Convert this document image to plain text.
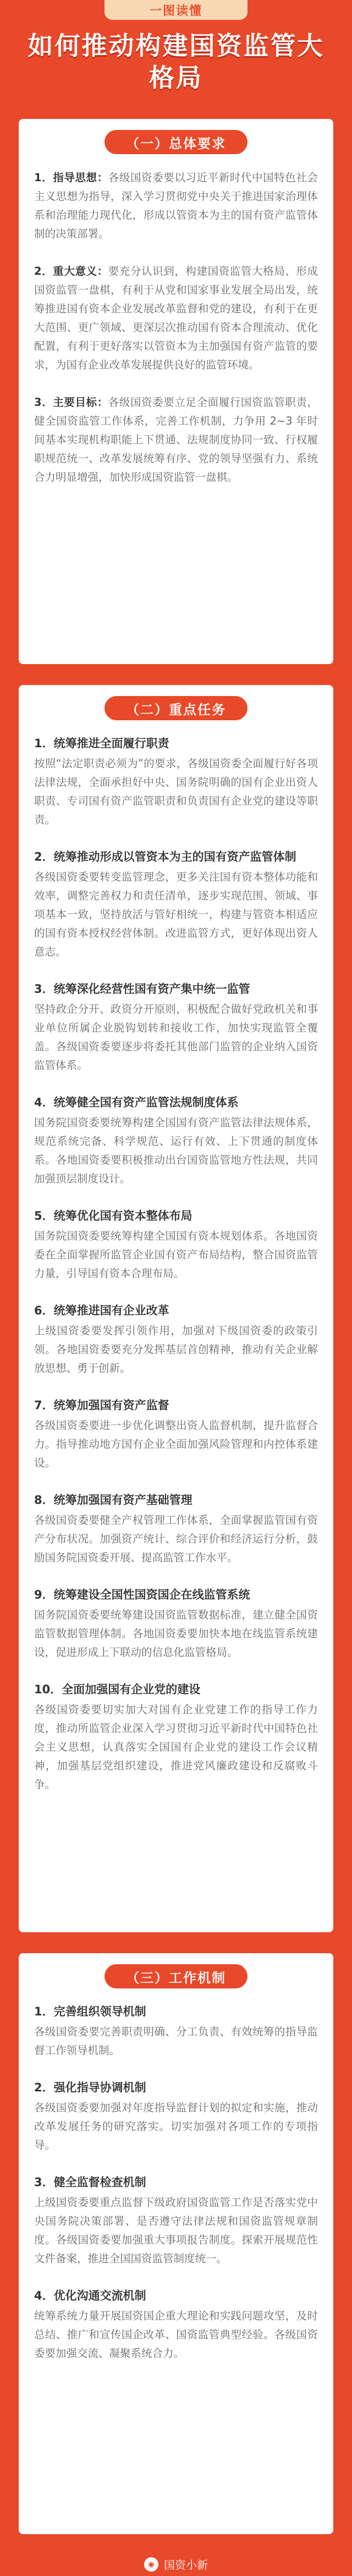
一图读懂
如何推动构建国资监管大格局
（一）总体要求

1．指导思想：各级国资委要以习近平新时代中国特色社会主义思想为指导，深入学习贯彻党中央关于推进国家治理体系和治理能力现代化，形成以管资本为主的国有资产监管体制的决策部署。

2．重大意义：要充分认识到，构建国资监管大格局、形成国资监管一盘棋，有利于从党和国家事业发展全局出发，统筹推进国有资本企业发展改革监督和党的建设，有利于在更大范围、更广领域、更深层次推动国有资本合理流动、优化配置，有利于更好落实以管资本为主加强国有资产监管的要求，为国有企业改革发展提供良好的监管环境。

3．主要目标：各级国资委要立足全面履行国资监管职责，健全国资监管工作体系，完善工作机制，力争用 2~3 年时间基本实现机构职能上下贯通、法规制度协同一致、行权履职规范统一、改革发展统筹有序、党的领导坚强有力、系统合力明显增强，加快形成国资监管一盘棋。

（二）重点任务
1．统筹推进全面履行职责

按照“法定职责必须为”的要求，各级国资委全面履行好各项法律法规，全面承担好中央、国务院明确的国有企业出资人职责、专司国有资产监管职责和负责国有企业党的建设等职责。

2．统筹推动形成以管资本为主的国有资产监管体制

各级国资委要转变监管理念，更多关注国有资本整体功能和效率，调整完善权力和责任清单，逐步实现范围、领域、事项基本一致，坚持放活与管好相统一，构建与管资本相适应的国有资本授权经营体制。改进监管方式，更好体现出资人意志。

3．统筹深化经营性国有资产集中统一监管

坚持政企分开、政资分开原则，积极配合做好党政机关和事业单位所属企业脱钩划转和接收工作，加快实现监管全覆盖。各级国资委要逐步将委托其他部门监管的企业纳入国资监管体系。

4．统筹健全国有资产监管法规制度体系

国务院国资委要统筹构建全国国有资产监管法律法规体系，规范系统完备、科学规范、运行有效、上下贯通的制度体系。各地国资委要积极推动出台国资监管地方性法规，共同加强顶层制度设计。

5．统筹优化国有资本整体布局

国务院国资委要统筹构建全国国有资本规划体系。各地国资委在全面掌握所监管企业国有资产布局结构，整合国资监管力量，引导国有资本合理布局。

6．统筹推进国有企业改革

上级国资委要发挥引领作用，加强对下级国资委的政策引领。各地国资委要充分发挥基层首创精神，推动有关企业解放思想、勇于创新。

7．统筹加强国有资产监督

各级国资委要进一步优化调整出资人监督机制，提升监督合力。指导推动地方国有企业全面加强风险管理和内控体系建设。

8．统筹加强国有资产基础管理

各级国资委要健全产权管理工作体系，全面掌握监管国有资产分布状况。加强资产统计、综合评价和经济运行分析，鼓励国务院国资委开展、提高监管工作水平。

9．统筹建设全国性国资国企在线监管系统

国务院国资委要统筹建设国资监管数据标准，建立健全国资监管数据管理体制。各地国资委要加快本地在线监管系统建设，促进形成上下联动的信息化监管格局。

10．全面加强国有企业党的建设

各级国资委要切实加大对国有企业党建工作的指导工作力度，推动所监管企业深入学习贯彻习近平新时代中国特色社会主义思想，认真落实全国国有企业党的建设工作会议精神，加强基层党组织建设，推进党风廉政建设和反腐败斗争。

（三）工作机制
1．完善组织领导机制

各级国资委要完善职责明确、分工负责、有效统筹的指导监督工作领导机制。

2．强化指导协调机制

各级国资委要加强对年度指导监督计划的拟定和实施，推动改革发展任务的研究落实。切实加强对各项工作的专项指导。

3．健全监督检查机制

上级国资委要重点监督下级政府国资监管工作是否落实党中央国务院决策部署、是否遵守法律法规和国资监管规章制度。各级国资委要加强重大事项报告制度。探索开展规范性文件备案，推进全国国资监管制度统一。

4．优化沟通交流机制

统筹系统力量开展国资国企重大理论和实践问题攻坚，及时总结、推广和宣传国企改革、国资监管典型经验。各级国资委要加强交流、凝聚系统合力。

◉ 国资小新
